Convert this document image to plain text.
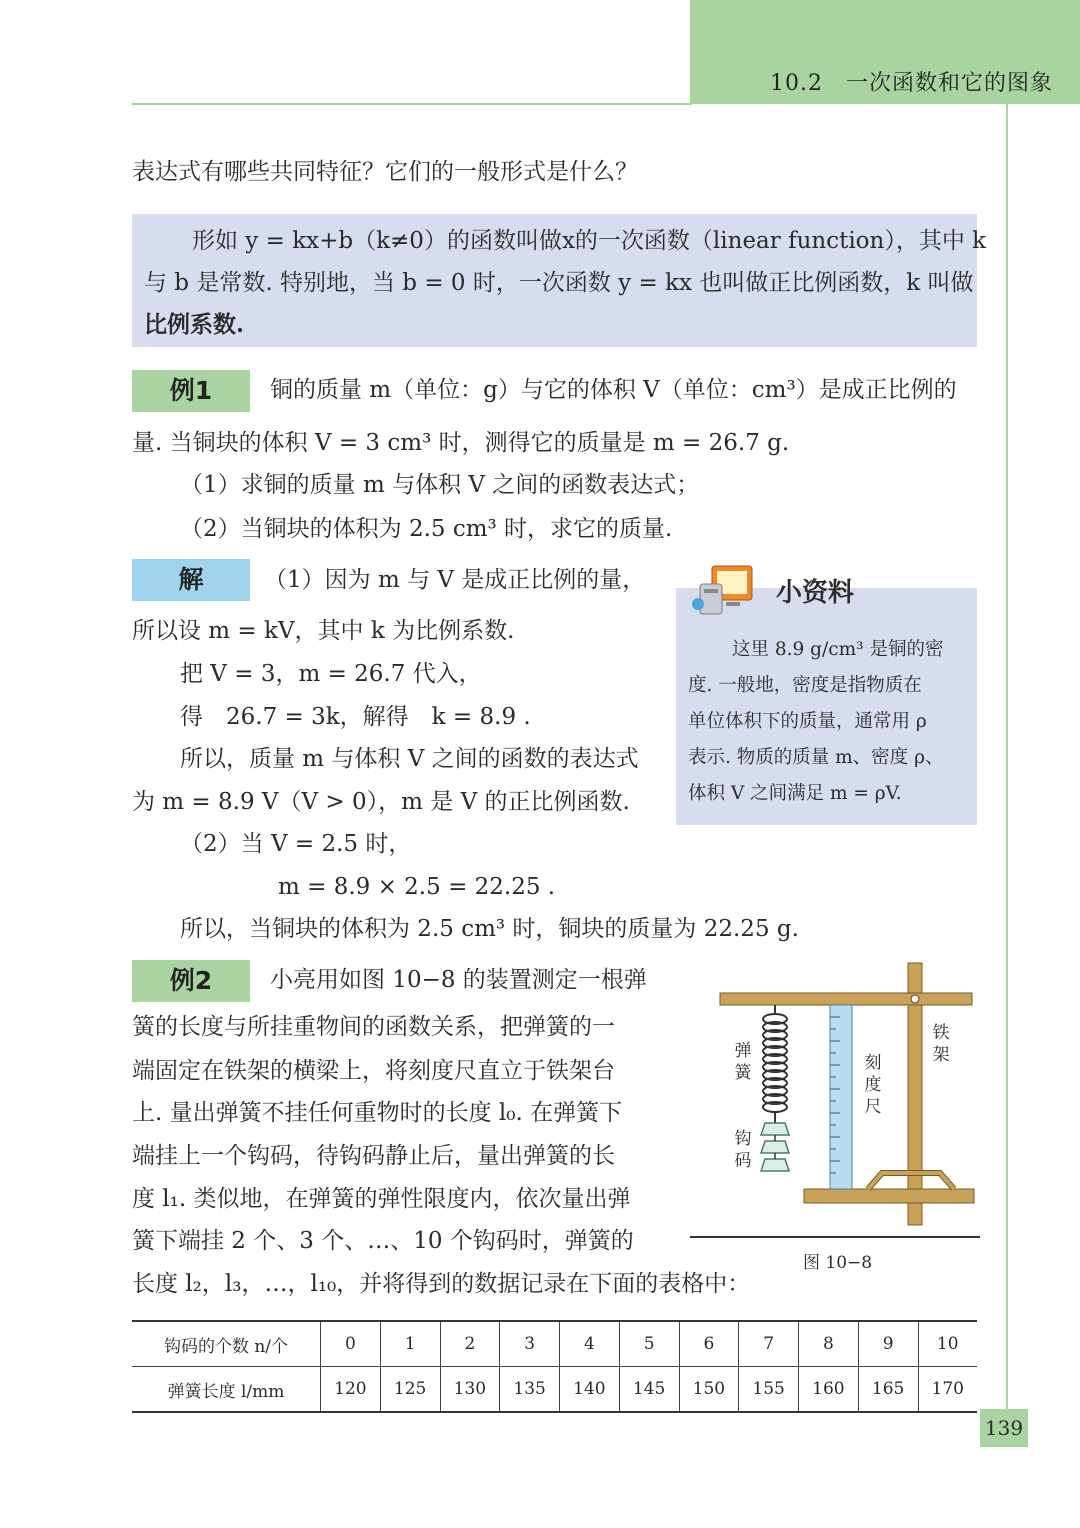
10.2　一次函数和它的图象
表达式有哪些共同特征？它们的一般形式是什么？
形如 y = kx+b（k≠0）的函数叫做x的一次函数（linear function），其中 k
与 b 是常数. 特别地，当 b = 0 时，一次函数 y = kx 也叫做正比例函数，k 叫做
比例系数.
例1	铜的质量 m（单位：g）与它的体积 V（单位：cm³）是成正比例的
量. 当铜块的体积 V = 3 cm³ 时，测得它的质量是 m = 26.7 g.
（1）求铜的质量 m 与体积 V 之间的函数表达式；
（2）当铜块的体积为 2.5 cm³ 时，求它的质量.
解	（1）因为 m 与 V 是成正比例的量，
所以设 m = kV，其中 k 为比例系数.
把 V = 3，m = 26.7 代入，
得　26.7 = 3k，解得　k = 8.9 .
所以，质量 m 与体积 V 之间的函数的表达式
为 m = 8.9 V（V > 0），m 是 V 的正比例函数.
（2）当 V = 2.5 时，
m = 8.9 × 2.5 = 22.25 .
所以，当铜块的体积为 2.5 cm³ 时，铜块的质量为 22.25 g.
小资料
这里 8.9 g/cm³ 是铜的密
度. 一般地，密度是指物质在
单位体积下的质量，通常用 ρ
表示. 物质的质量 m、密度 ρ、
体积 V 之间满足 m = ρV.
例2	小亮用如图 10−8 的装置测定一根弹
簧的长度与所挂重物间的函数关系，把弹簧的一
端固定在铁架的横梁上，将刻度尺直立于铁架台
上. 量出弹簧不挂任何重物时的长度 l₀. 在弹簧下
端挂上一个钩码，待钩码静止后，量出弹簧的长
度 l₁. 类似地，在弹簧的弹性限度内，依次量出弹
簧下端挂 2 个、3 个、…、10 个钩码时，弹簧的
长度 l₂，l₃，…，l₁₀，并将得到的数据记录在下面的表格中：
弹簧
钩码
刻度尺
铁架
图 10−8
钩码的个数 n/个	0	1	2	3	4	5	6	7	8	9	10
弹簧长度 l/mm	120	125	130	135	140	145	150	155	160	165	170
139
